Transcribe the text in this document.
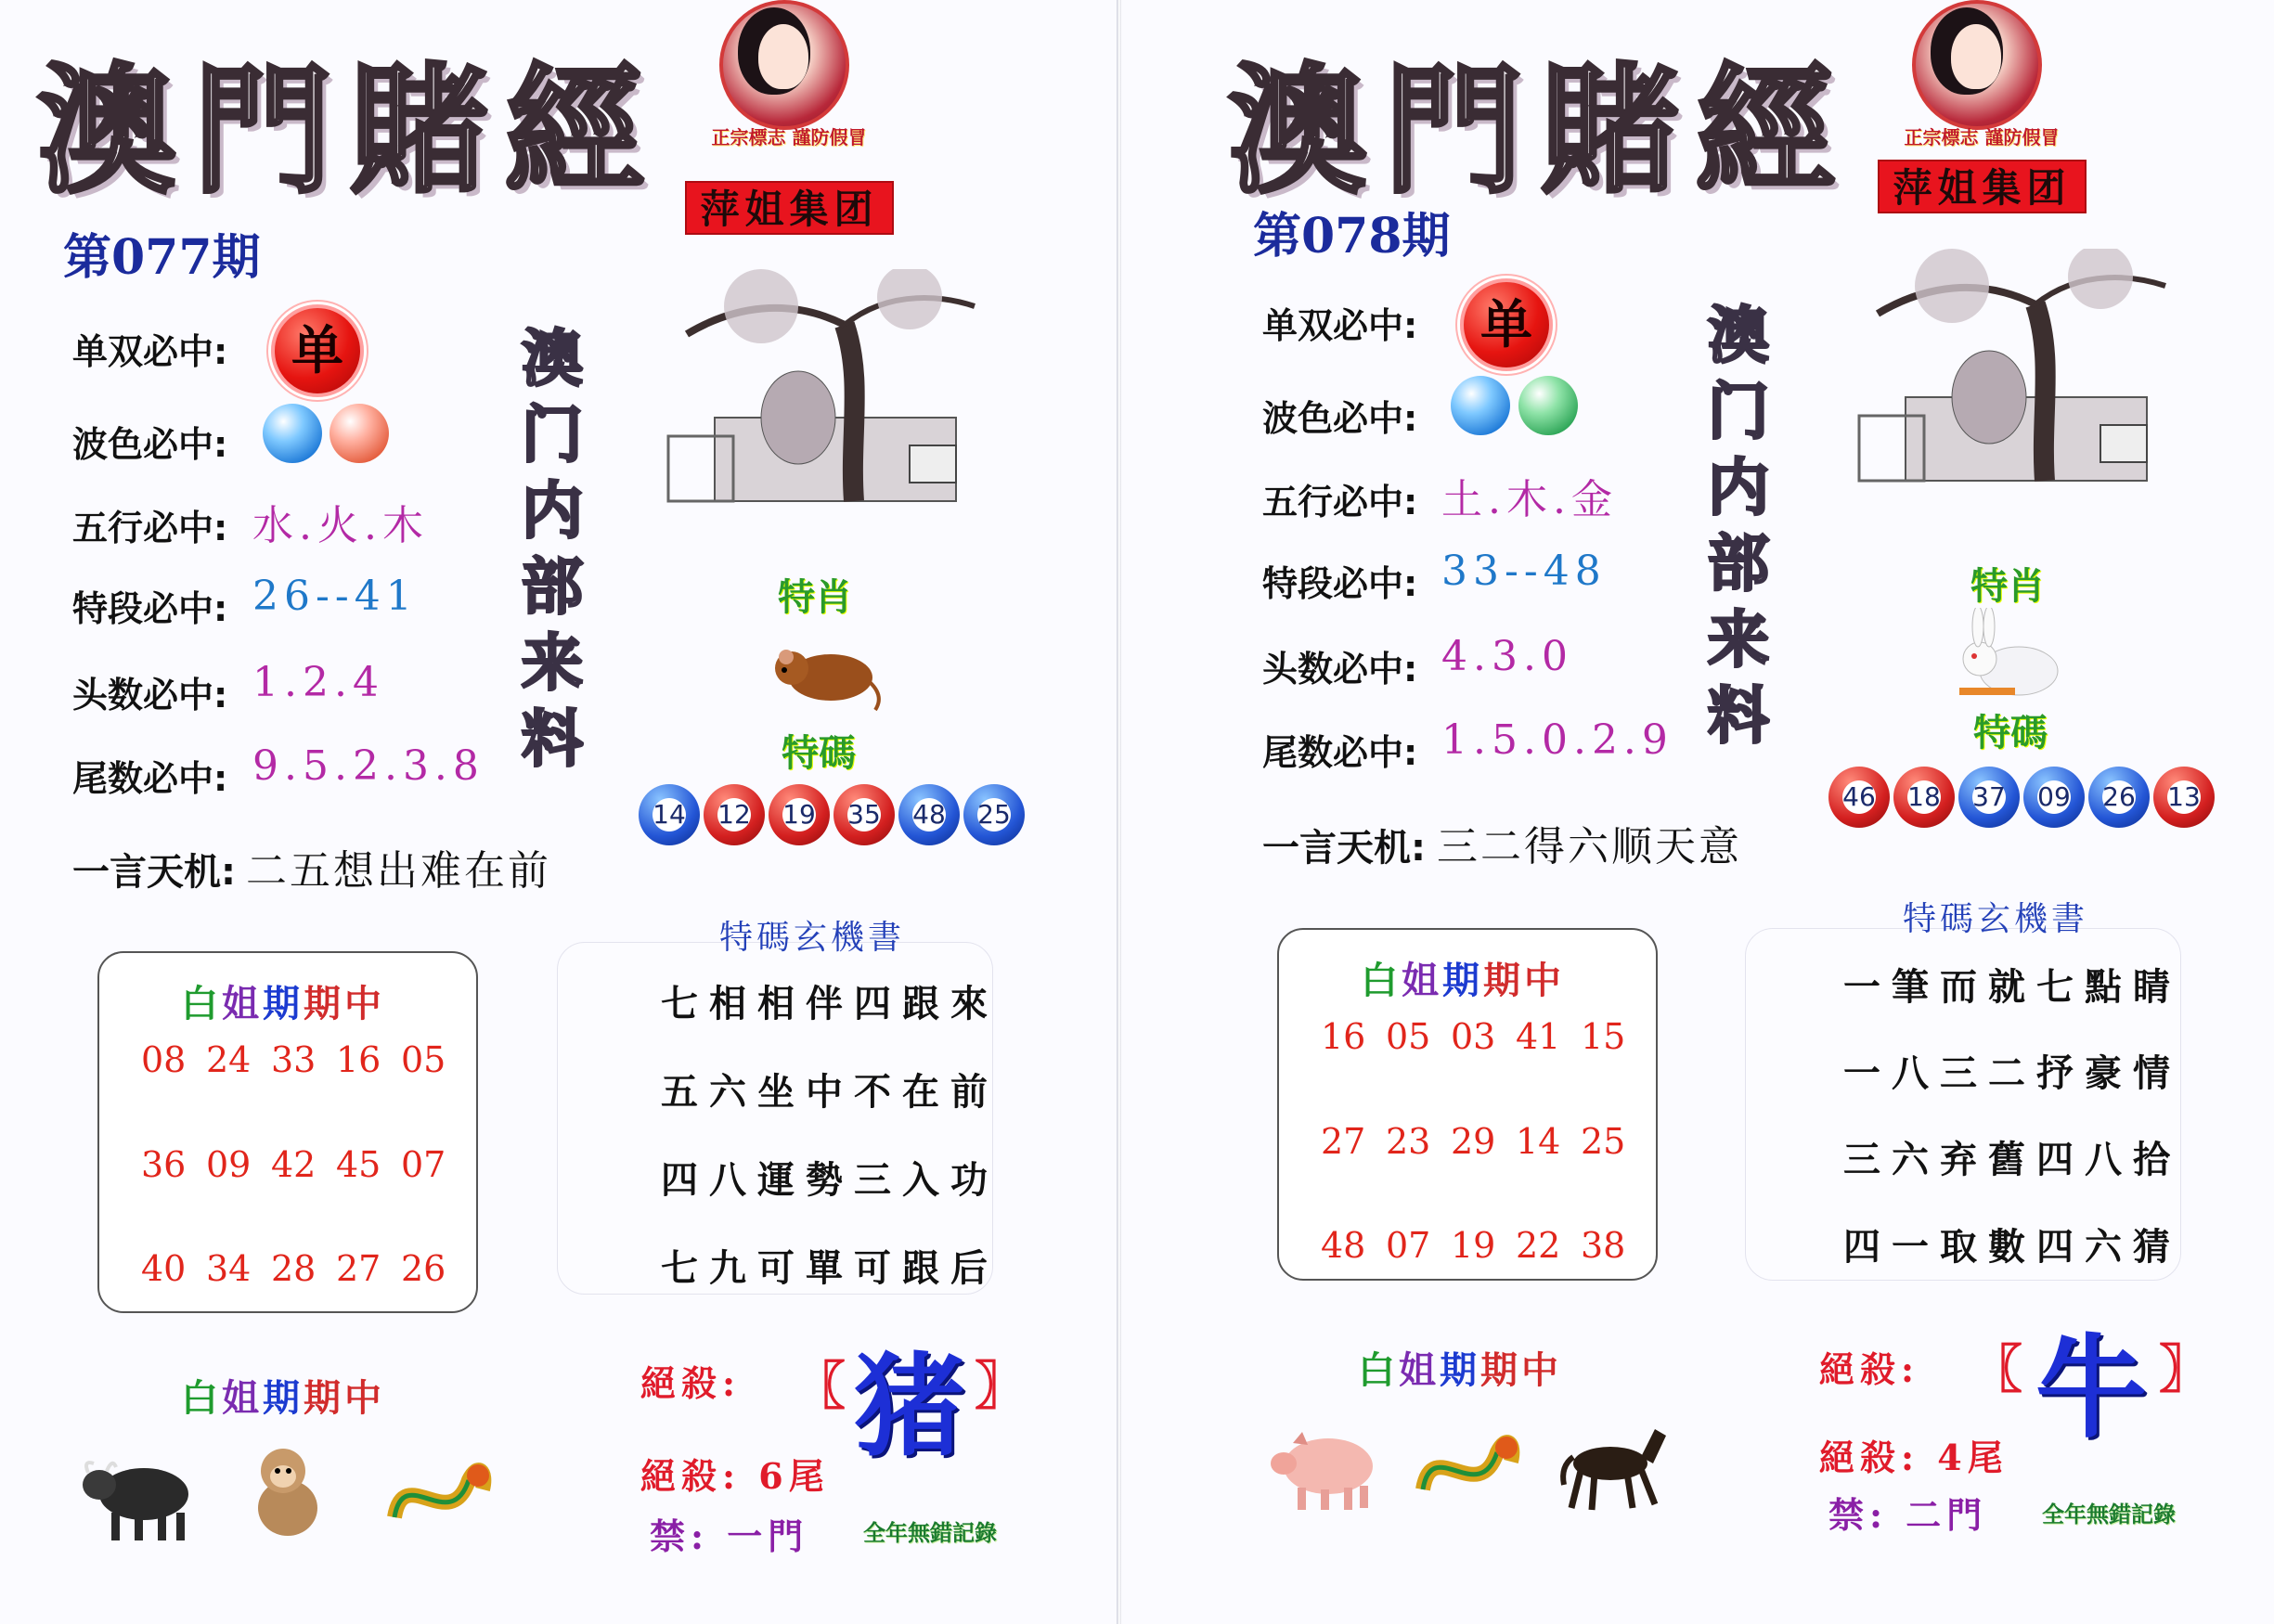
澳門賭經	正宗標志 謹防假冒
萍姐集团
第077期
单双必中:	单
波色必中:
五行必中: 水.火.木
特段必中: 26--41
头数必中: 1.2.4
尾数必中: 9.5.2.3.8
澳
门
内
部
来
料
特肖
特碼
14	12	19	35	48	25
一言天机: 二五想出难在前
白姐期期中
08 24 33 16 05
36 09 42 45 07
40 34 28 27 26
特碼玄機書
七相相伴四跟來
五六坐中不在前
四八運勢三入功
七九可單可跟后
白姐期期中	絕殺: 〖 猪 〗
絕殺: 6尾
禁: 一門 全年無錯記錄
澳門賭經	正宗標志 謹防假冒
萍姐集团
第078期
单双必中:	单
波色必中:
五行必中: 土.木.金
特段必中: 33--48
头数必中: 4.3.0
尾数必中: 1.5.0.2.9
澳
门
内
部
来
料
特肖
特碼
46	18	37	09	26	13
一言天机: 三二得六顺天意
白姐期期中
16 05 03 41 15
27 23 29 14 25
48 07 19 22 38
特碼玄機書
一筆而就七點睛
一八三二抒豪情
三六弃舊四八拾
四一取數四六猜
白姐期期中	絕殺: 〖 牛 〗
絕殺: 4尾
禁: 二門 全年無錯記錄
